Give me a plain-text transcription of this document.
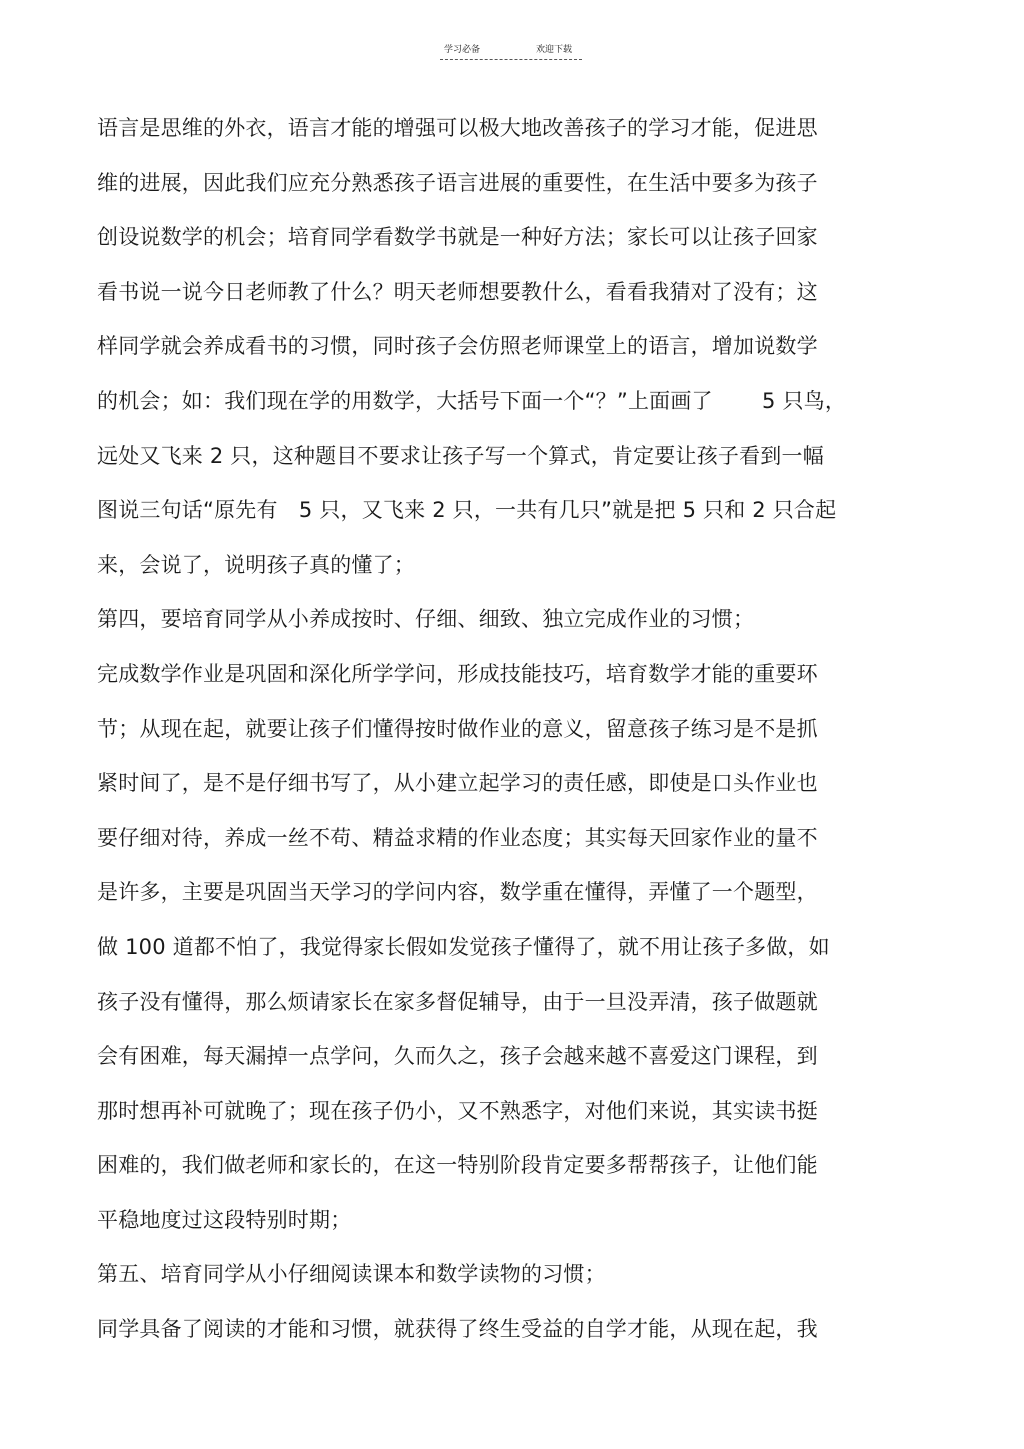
学习必备	欢迎下载
语言是思维的外衣，语言才能的增强可以极大地改善孩子的学习才能，促进思
维的进展，因此我们应充分熟悉孩子语言进展的重要性，在生活中要多为孩子
创设说数学的机会；培育同学看数学书就是一种好方法；家长可以让孩子回家
看书说一说今日老师教了什么？明天老师想要教什么，看看我猜对了没有；这
样同学就会养成看书的习惯，同时孩子会仿照老师课堂上的语言，增加说数学
的机会；如：我们现在学的用数学，大括号下面一个“？”上面画了　　 5 只鸟，
远处又飞来 2 只，这种题目不要求让孩子写一个算式，肯定要让孩子看到一幅
图说三句话“原先有　5 只，又飞来 2 只，一共有几只”就是把 5 只和 2 只合起
来，会说了，说明孩子真的懂了；
第四，要培育同学从小养成按时、仔细、细致、独立完成作业的习惯；
完成数学作业是巩固和深化所学学问，形成技能技巧，培育数学才能的重要环
节；从现在起，就要让孩子们懂得按时做作业的意义，留意孩子练习是不是抓
紧时间了，是不是仔细书写了，从小建立起学习的责任感，即使是口头作业也
要仔细对待，养成一丝不苟、精益求精的作业态度；其实每天回家作业的量不
是许多，主要是巩固当天学习的学问内容，数学重在懂得，弄懂了一个题型，
做 100 道都不怕了，我觉得家长假如发觉孩子懂得了，就不用让孩子多做，如
孩子没有懂得，那么烦请家长在家多督促辅导，由于一旦没弄清，孩子做题就
会有困难，每天漏掉一点学问，久而久之，孩子会越来越不喜爱这门课程，到
那时想再补可就晚了；现在孩子仍小，又不熟悉字，对他们来说，其实读书挺
困难的，我们做老师和家长的，在这一特别阶段肯定要多帮帮孩子，让他们能
平稳地度过这段特别时期；
第五、培育同学从小仔细阅读课本和数学读物的习惯；
同学具备了阅读的才能和习惯，就获得了终生受益的自学才能，从现在起，我
